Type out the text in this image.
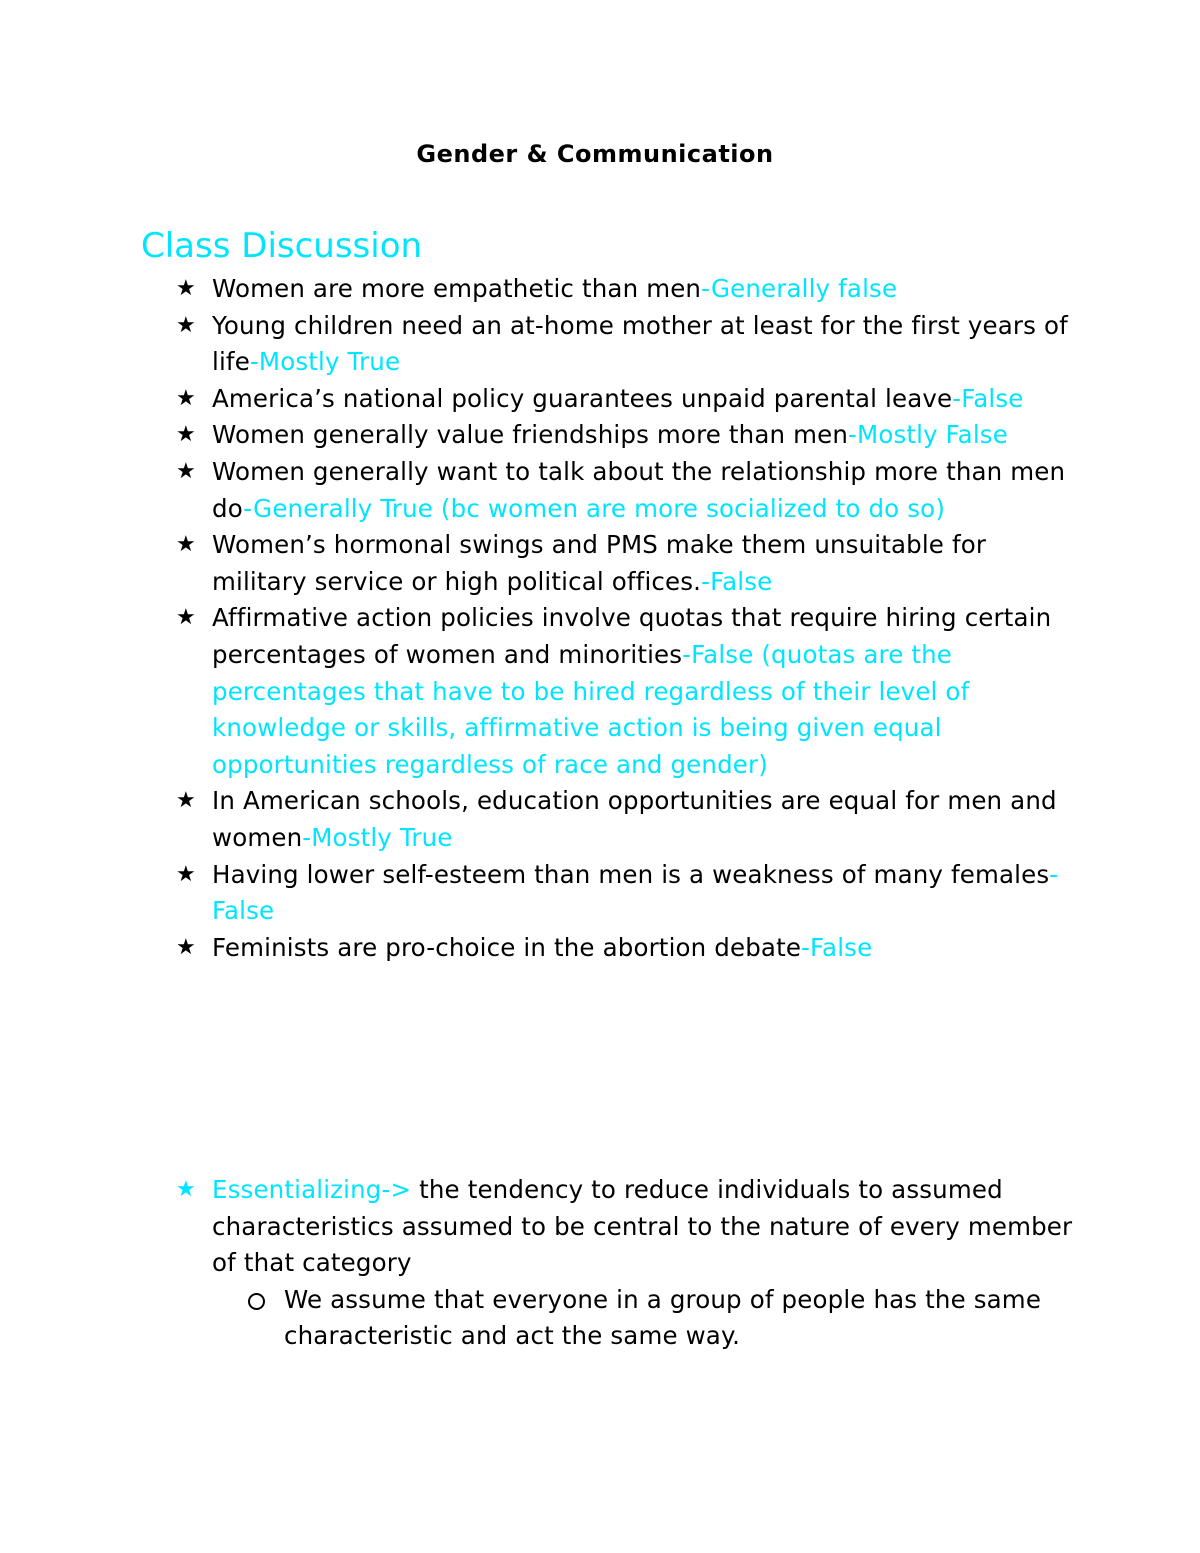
Gender & Communication
Class Discussion
★ Women are more empathetic than men-Generally false
★ Young children need an at-home mother at least for the first years of life-Mostly True
★ America’s national policy guarantees unpaid parental leave-False
★ Women generally value friendships more than men-Mostly False
★ Women generally want to talk about the relationship more than men do-Generally True (bc women are more socialized to do so)
★ Women’s hormonal swings and PMS make them unsuitable for military service or high political offices.-False
★ Affirmative action policies involve quotas that require hiring certain percentages of women and minorities-False (quotas are the percentages that have to be hired regardless of their level of knowledge or skills, affirmative action is being given equal opportunities regardless of race and gender)
★ In American schools, education opportunities are equal for men and women-Mostly True
★ Having lower self-esteem than men is a weakness of many females-False
★ Feminists are pro-choice in the abortion debate-False
★ Essentializing-> the tendency to reduce individuals to assumed characteristics assumed to be central to the nature of every member of that category
We assume that everyone in a group of people has the same characteristic and act the same way.
